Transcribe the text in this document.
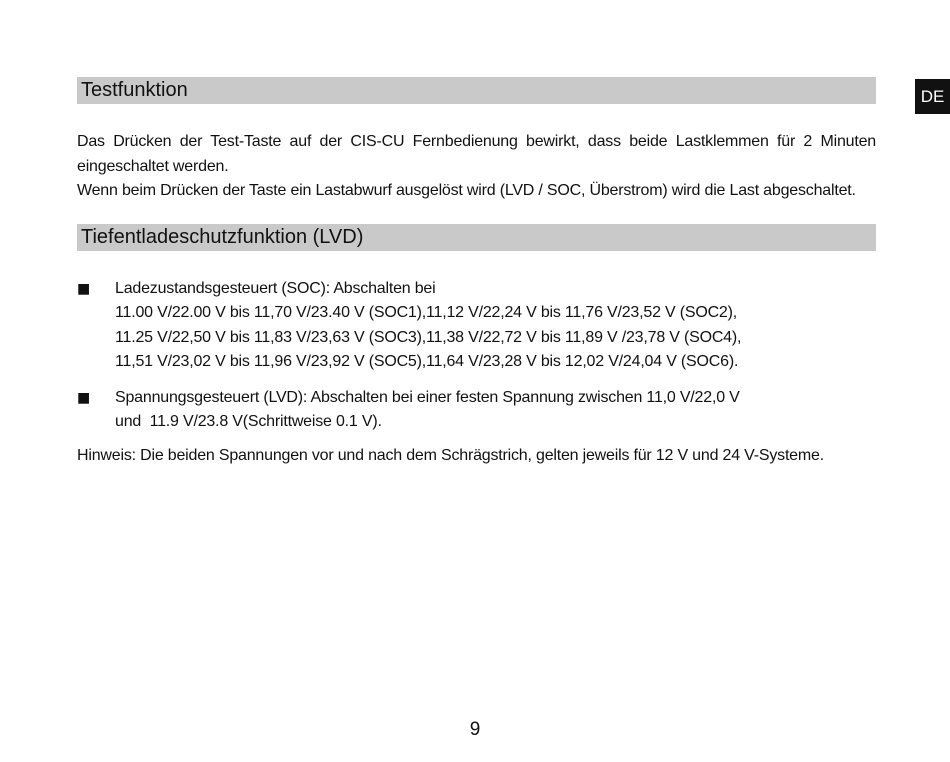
DE
Testfunktion

Das Drücken der Test-Taste auf der CIS-CU Fernbedienung bewirkt, dass beide Lastklemmen für 2 Minuten eingeschaltet werden.

Wenn beim Drücken der Taste ein Lastabwurf ausgelöst wird (LVD / SOC, Überstrom) wird die Last abgeschaltet.

Tiefentladeschutzfunktion (LVD)
■	Ladezustandsgesteuert (SOC): Abschalten bei
11.00 V/22.00 V bis 11,70 V/23.40 V (SOC1),11,12 V/22,24 V bis 11,76 V/23,52 V (SOC2),
11.25 V/22,50 V bis 11,83 V/23,63 V (SOC3),11,38 V/22,72 V bis 11,89 V /23,78 V (SOC4),
11,51 V/23,02 V bis 11,96 V/23,92 V (SOC5),11,64 V/23,28 V bis 12,02 V/24,04 V (SOC6).
■	Spannungsgesteuert (LVD): Abschalten bei einer festen Spannung zwischen 11,0 V/22,0 V
und  11.9 V/23.8 V(Schrittweise 0.1 V).

Hinweis: Die beiden Spannungen vor und nach dem Schrägstrich, gelten jeweils für 12 V und 24 V-Systeme.

9
